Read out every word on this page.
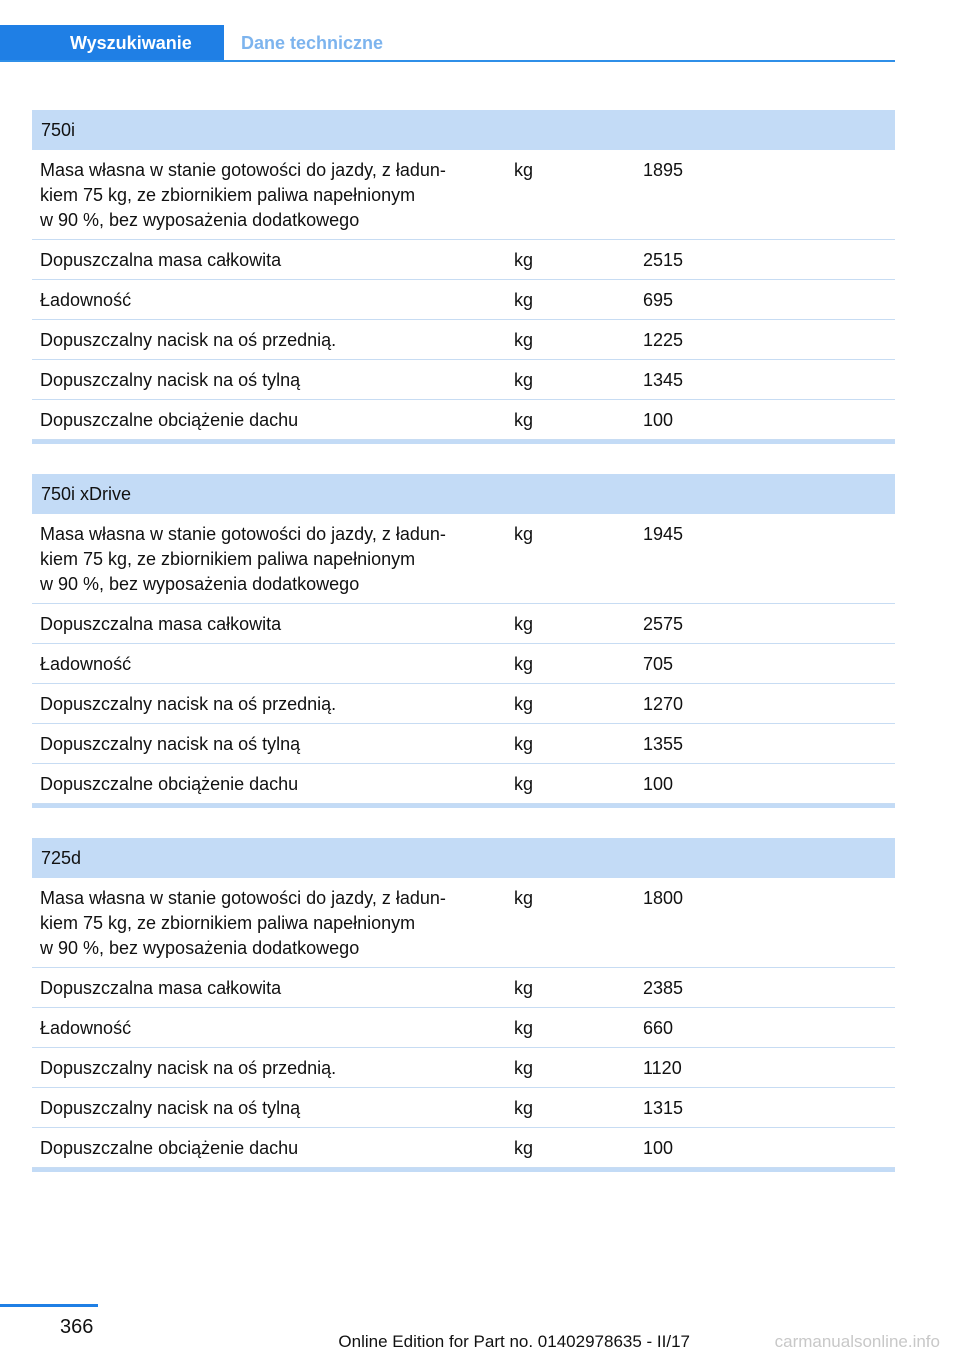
Wyszukiwanie	Dane techniczne
750i
Masa własna w stanie gotowości do jazdy, z ładun-
kiem 75 kg, ze zbiornikiem paliwa napełnionym
w 90 %, bez wyposażenia dodatkowego
kg	1895
Dopuszczalna masa całkowita	kg	2515
Ładowność	kg	695
Dopuszczalny nacisk na oś przednią.	kg	1225
Dopuszczalny nacisk na oś tylną	kg	1345
Dopuszczalne obciążenie dachu	kg	100
750i xDrive
Masa własna w stanie gotowości do jazdy, z ładun-
kiem 75 kg, ze zbiornikiem paliwa napełnionym
w 90 %, bez wyposażenia dodatkowego
kg	1945
Dopuszczalna masa całkowita	kg	2575
Ładowność	kg	705
Dopuszczalny nacisk na oś przednią.	kg	1270
Dopuszczalny nacisk na oś tylną	kg	1355
Dopuszczalne obciążenie dachu	kg	100
725d
Masa własna w stanie gotowości do jazdy, z ładun-
kiem 75 kg, ze zbiornikiem paliwa napełnionym
w 90 %, bez wyposażenia dodatkowego
kg	1800
Dopuszczalna masa całkowita	kg	2385
Ładowność	kg	660
Dopuszczalny nacisk na oś przednią.	kg	1120
Dopuszczalny nacisk na oś tylną	kg	1315
Dopuszczalne obciążenie dachu	kg	100
366
Online Edition for Part no. 01402978635 - II/17	carmanualsonline.info
